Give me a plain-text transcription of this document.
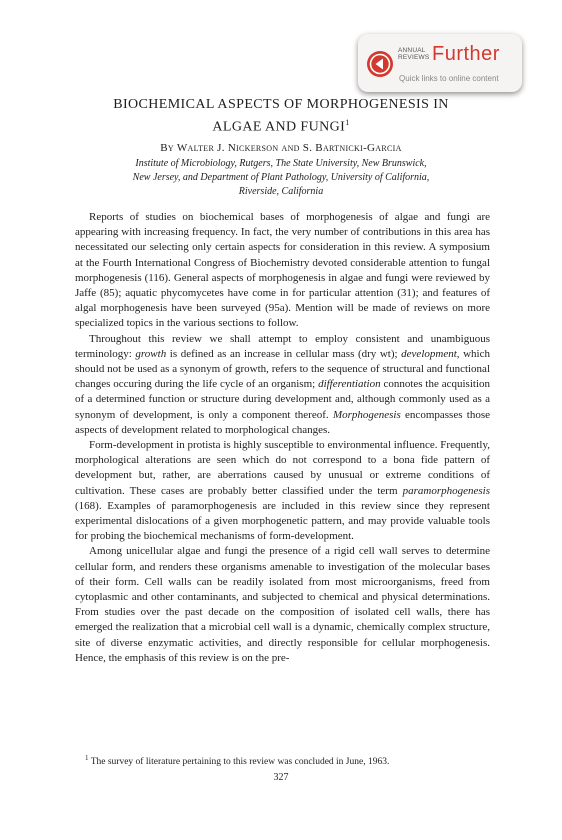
ANNUAL
REVIEWS Further
Quick links to online content
BIOCHEMICAL ASPECTS OF MORPHOGENESIS IN
ALGAE AND FUNGI$^1$
By Walter J. Nickerson and S. Bartnicki-Garcia
Institute of Microbiology, Rutgers, The State University, New Brunswick,
New Jersey, and Department of Plant Pathology, University of California,
Riverside, California

Reports of studies on biochemical bases of morphogenesis of algae and fungi are appearing with increasing frequency. In fact, the very number of contributions in this area has necessitated our selecting only certain aspects for consideration in this review. A symposium at the Fourth International Congress of Biochemistry devoted considerable attention to fungal morphogenesis (116). General aspects of morphogenesis in algae and fungi were reviewed by Jaffe (85); aquatic phycomycetes have come in for particular attention (31); and features of algal morphogenesis have been surveyed (95a). Mention will be made of reviews on more specialized topics in the various sections to follow.

Throughout this review we shall attempt to employ consistent and unambiguous terminology: growth is defined as an increase in cellular mass (dry wt); development, which should not be used as a synonym of growth, refers to the sequence of structural and functional changes occuring during the life cycle of an organism; differentiation connotes the acquisition of a determined function or structure during development and, although commonly used as a synonym of development, is only a component thereof. Morphogenesis encompasses those aspects of development related to morphological changes.

Form-development in protista is highly susceptible to environmental influence. Frequently, morphological alterations are seen which do not correspond to a bona fide pattern of development but, rather, are aberrations caused by unusual or extreme conditions of cultivation. These cases are probably better classified under the term paramorphogenesis (168). Examples of paramorphogenesis are included in this review since they represent experimental dislocations of a given morphogenetic pattern, and may provide valuable tools for probing the biochemical mechanisms of form-development.

Among unicellular algae and fungi the presence of a rigid cell wall serves to determine cellular form, and renders these organisms amenable to investigation of the molecular bases of their form. Cell walls can be readily isolated from most microorganisms, freed from cytoplasmic and other contaminants, and subjected to chemical and physical determinations. From studies over the past decade on the composition of isolated cell walls, there has emerged the realization that a microbial cell wall is a dynamic, chemically complex structure, site of diverse enzymatic activities, and directly responsible for cellular morphogenesis. Hence, the emphasis of this review is on the pre-

$^1$ The survey of literature pertaining to this review was concluded in June, 1963.
327
